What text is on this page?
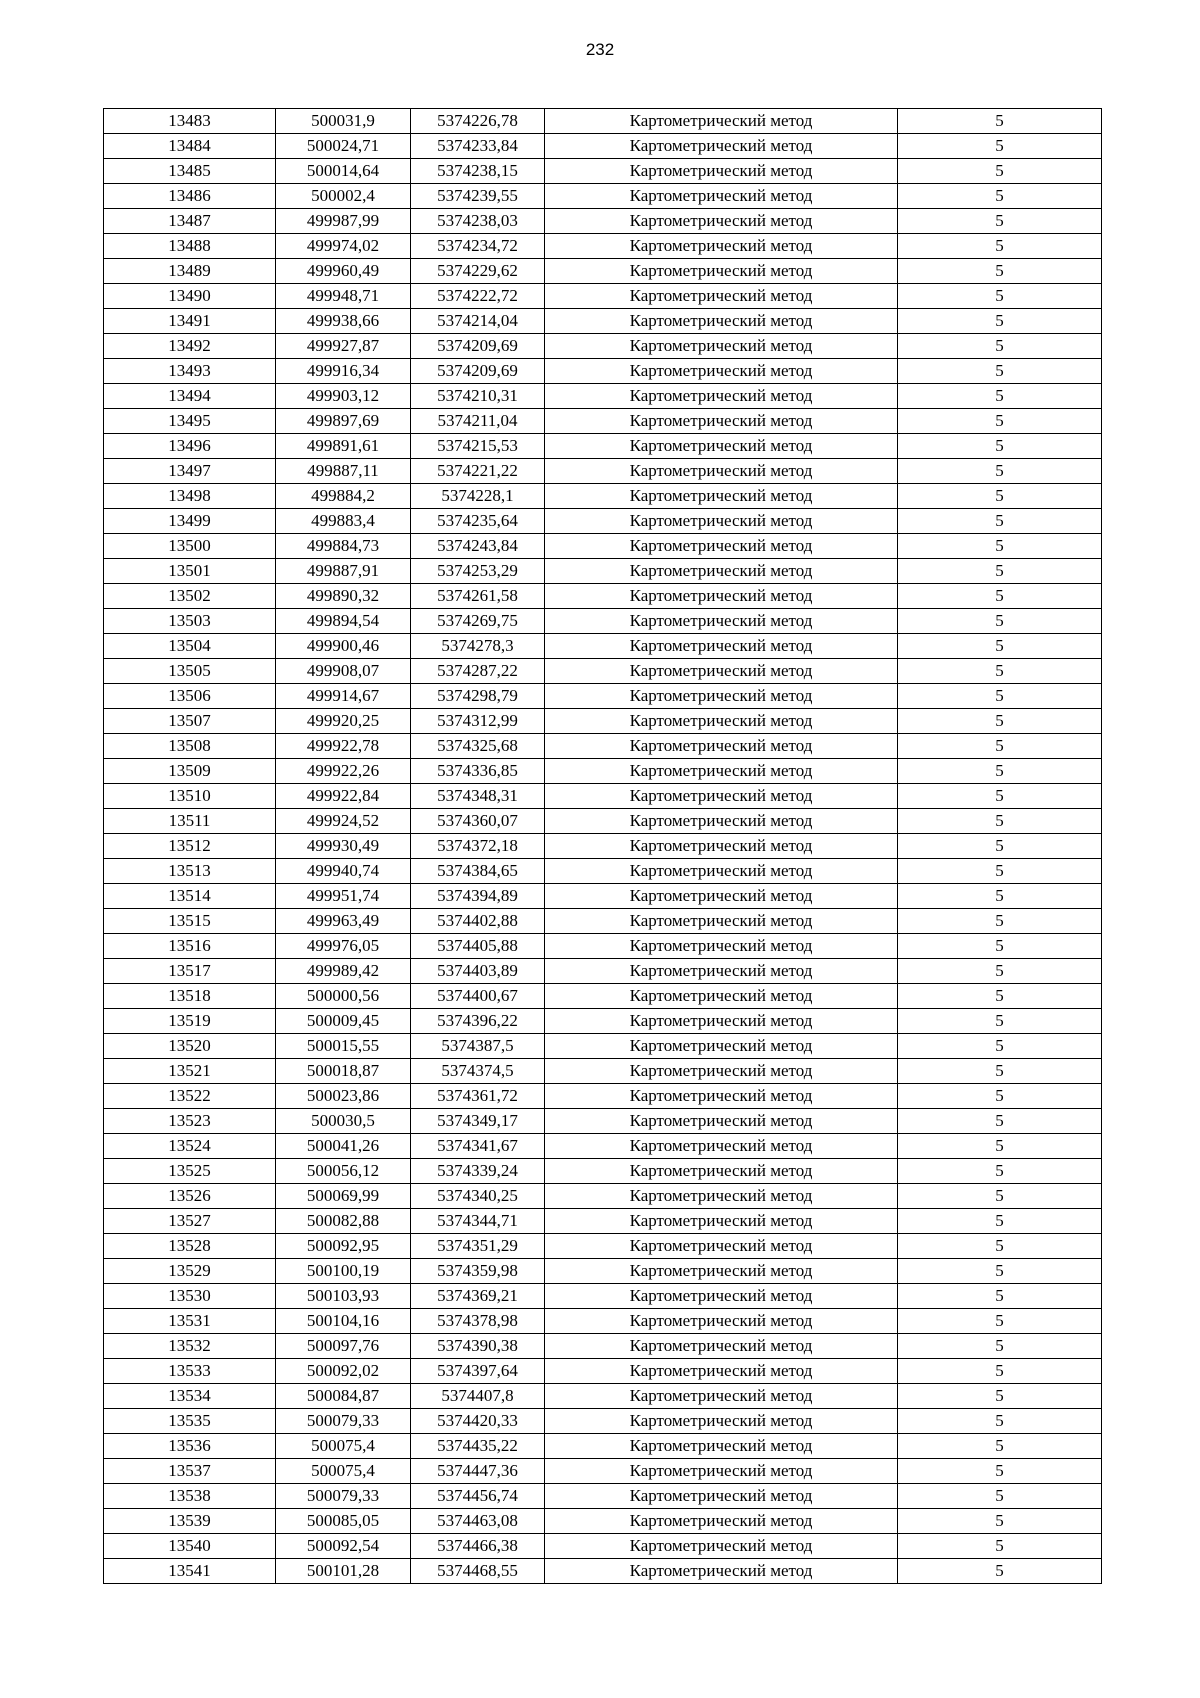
232
13483	500031,9	5374226,78	Картометрический метод	5
13484	500024,71	5374233,84	Картометрический метод	5
13485	500014,64	5374238,15	Картометрический метод	5
13486	500002,4	5374239,55	Картометрический метод	5
13487	499987,99	5374238,03	Картометрический метод	5
13488	499974,02	5374234,72	Картометрический метод	5
13489	499960,49	5374229,62	Картометрический метод	5
13490	499948,71	5374222,72	Картометрический метод	5
13491	499938,66	5374214,04	Картометрический метод	5
13492	499927,87	5374209,69	Картометрический метод	5
13493	499916,34	5374209,69	Картометрический метод	5
13494	499903,12	5374210,31	Картометрический метод	5
13495	499897,69	5374211,04	Картометрический метод	5
13496	499891,61	5374215,53	Картометрический метод	5
13497	499887,11	5374221,22	Картометрический метод	5
13498	499884,2	5374228,1	Картометрический метод	5
13499	499883,4	5374235,64	Картометрический метод	5
13500	499884,73	5374243,84	Картометрический метод	5
13501	499887,91	5374253,29	Картометрический метод	5
13502	499890,32	5374261,58	Картометрический метод	5
13503	499894,54	5374269,75	Картометрический метод	5
13504	499900,46	5374278,3	Картометрический метод	5
13505	499908,07	5374287,22	Картометрический метод	5
13506	499914,67	5374298,79	Картометрический метод	5
13507	499920,25	5374312,99	Картометрический метод	5
13508	499922,78	5374325,68	Картометрический метод	5
13509	499922,26	5374336,85	Картометрический метод	5
13510	499922,84	5374348,31	Картометрический метод	5
13511	499924,52	5374360,07	Картометрический метод	5
13512	499930,49	5374372,18	Картометрический метод	5
13513	499940,74	5374384,65	Картометрический метод	5
13514	499951,74	5374394,89	Картометрический метод	5
13515	499963,49	5374402,88	Картометрический метод	5
13516	499976,05	5374405,88	Картометрический метод	5
13517	499989,42	5374403,89	Картометрический метод	5
13518	500000,56	5374400,67	Картометрический метод	5
13519	500009,45	5374396,22	Картометрический метод	5
13520	500015,55	5374387,5	Картометрический метод	5
13521	500018,87	5374374,5	Картометрический метод	5
13522	500023,86	5374361,72	Картометрический метод	5
13523	500030,5	5374349,17	Картометрический метод	5
13524	500041,26	5374341,67	Картометрический метод	5
13525	500056,12	5374339,24	Картометрический метод	5
13526	500069,99	5374340,25	Картометрический метод	5
13527	500082,88	5374344,71	Картометрический метод	5
13528	500092,95	5374351,29	Картометрический метод	5
13529	500100,19	5374359,98	Картометрический метод	5
13530	500103,93	5374369,21	Картометрический метод	5
13531	500104,16	5374378,98	Картометрический метод	5
13532	500097,76	5374390,38	Картометрический метод	5
13533	500092,02	5374397,64	Картометрический метод	5
13534	500084,87	5374407,8	Картометрический метод	5
13535	500079,33	5374420,33	Картометрический метод	5
13536	500075,4	5374435,22	Картометрический метод	5
13537	500075,4	5374447,36	Картометрический метод	5
13538	500079,33	5374456,74	Картометрический метод	5
13539	500085,05	5374463,08	Картометрический метод	5
13540	500092,54	5374466,38	Картометрический метод	5
13541	500101,28	5374468,55	Картометрический метод	5
